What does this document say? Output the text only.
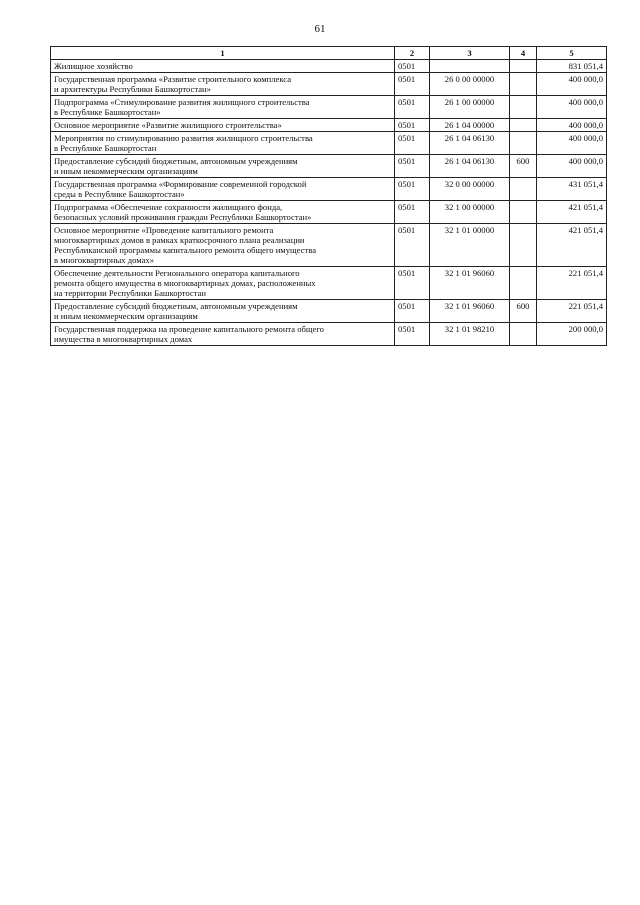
61
1	2	3	4	5

Жилищное хозяйство	0501			831 051,4

Государственная программа «Развитие строительного комплекса
и архитектуры Республики Башкортостан»	0501	26 0 00 00000		400 000,0

Подпрограмма «Стимулирование развития жилищного строительства
в Республике Башкортостан»	0501	26 1 00 00000		400 000,0

Основное мероприятие «Развитие жилищного строительства»	0501	26 1 04 00000		400 000,0

Мероприятия по стимулированию развития жилищного строительства
в Республике Башкортостан	0501	26 1 04 06130		400 000,0

Предоставление субсидий бюджетным, автономным учреждениям
и иным некоммерческим организациям	0501	26 1 04 06130	600	400 000,0

Государственная программа «Формирование современной городской
среды в Республике Башкортостан»	0501	32 0 00 00000		431 051,4

Подпрограмма «Обеспечение сохранности жилищного фонда,
безопасных условий проживания граждан Республики Башкортостан»	0501	32 1 00 00000		421 051,4

Основное мероприятие «Проведение капитального ремонта
многоквартирных домов в рамках краткосрочного плана реализации
Республиканской программы капитального ремонта общего имущества
в многоквартирных домах»	0501	32 1 01 00000		421 051,4

Обеспечение деятельности Регионального оператора капитального
ремонта общего имущества в многоквартирных домах, расположенных
на территории Республики Башкортостан	0501	32 1 01 96060		221 051,4

Предоставление субсидий бюджетным, автономным учреждениям
и иным некоммерческим организациям	0501	32 1 01 96060	600	221 051,4

Государственная поддержка на проведение капитального ремонта общего
имущества в многоквартирных домах	0501	32 1 01 98210		200 000,0
